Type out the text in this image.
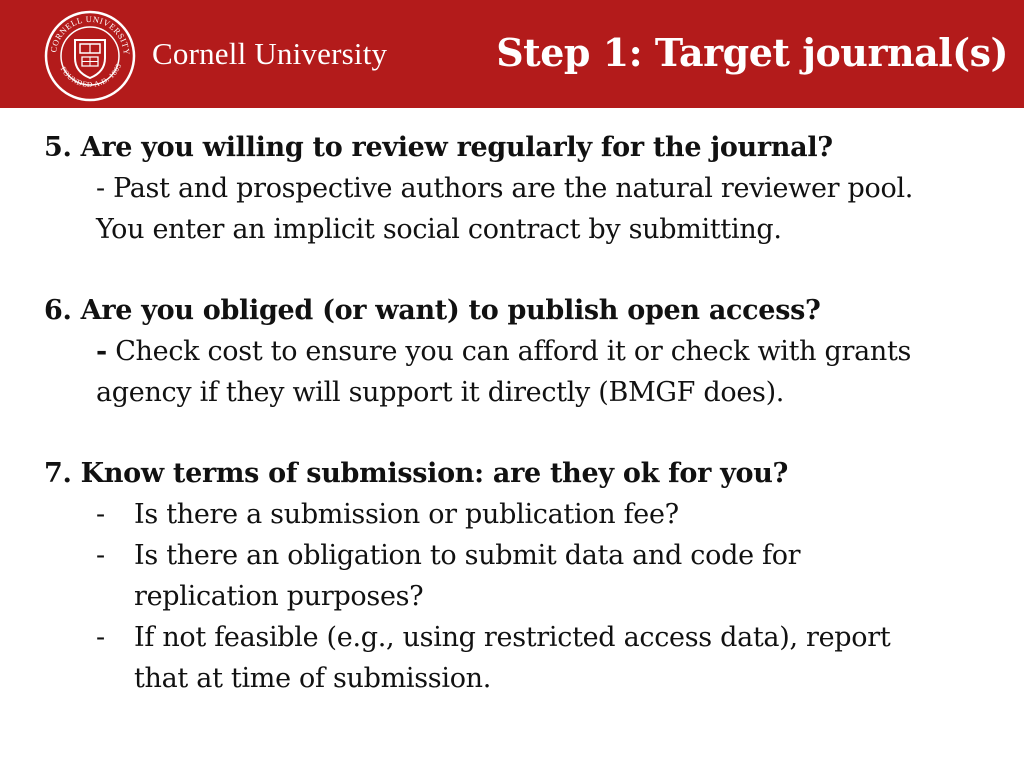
CORNELL UNIVERSITY
FOUNDED A.D. 1865 Cornell University	Step 1: Target journal(s)
5. Are you willing to review regularly for the journal?
- Past and prospective authors are the natural reviewer pool.
You enter an implicit social contract by submitting.
6. Are you obliged (or want) to publish open access?
- Check cost to ensure you can afford it or check with grants
agency if they will support it directly (BMGF does).
7. Know terms of submission: are they ok for you?
- Is there a submission or publication fee?
- Is there an obligation to submit data and code for
replication purposes?
- If not feasible (e.g., using restricted access data), report
that at time of submission.
